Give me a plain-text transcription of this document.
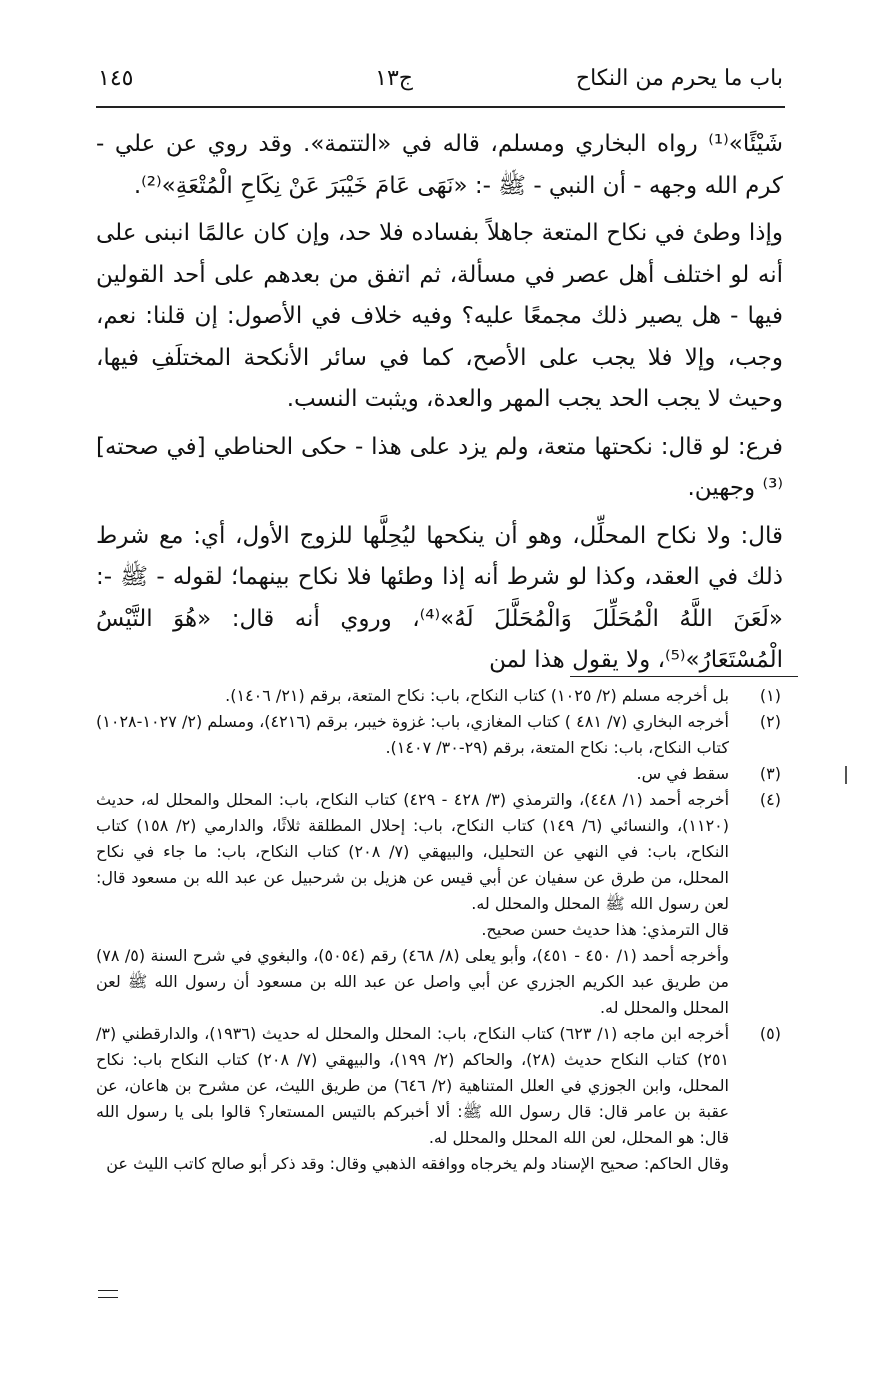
باب ما يحرم من النكاح
ج١٣
١٤٥

شَيْئًا»⁽¹⁾ رواه البخاري ومسلم، قاله في «التتمة». وقد روي عن علي - كرم الله وجهه - أن النبي - ﷺ -: «نَهَى عَامَ خَيْبَرَ عَنْ نِكَاحِ الْمُتْعَةِ»⁽²⁾.

وإذا وطئ في نكاح المتعة جاهلاً بفساده فلا حد، وإن كان عالمًا انبنى على أنه لو اختلف أهل عصر في مسألة، ثم اتفق من بعدهم على أحد القولين فيها - هل يصير ذلك مجمعًا عليه؟ وفيه خلاف في الأصول: إن قلنا: نعم، وجب، وإلا فلا يجب على الأصح، كما في سائر الأنكحة المختلَفِ فيها، وحيث لا يجب الحد يجب المهر والعدة، ويثبت النسب.

فرع: لو قال: نكحتها متعة، ولم يزد على هذا - حكى الحناطي [في صحته]⁽³⁾ وجهين.

قال: ولا نكاح المحلِّل، وهو أن ينكحها ليُحِلَّها للزوج الأول، أي: مع شرط ذلك في العقد، وكذا لو شرط أنه إذا وطئها فلا نكاح بينهما؛ لقوله - ﷺ -: «لَعَنَ اللَّهُ الْمُحَلِّلَ وَالْمُحَلَّلَ لَهُ»⁽⁴⁾، وروي أنه قال: «هُوَ التَّيْسُ الْمُسْتَعَارُ»⁽⁵⁾، ولا يقول هذا لمن

(١)
بل أخرجه مسلم (٢/ ١٠٢٥) كتاب النكاح، باب: نكاح المتعة، برقم (٢١/ ١٤٠٦).
(٢)
أخرجه البخاري (٧/ ٤٨١ ) كتاب المغازي، باب: غزوة خيبر، برقم (٤٢١٦)، ومسلم (٢/ ١٠٢٧-١٠٢٨) كتاب النكاح، باب: نكاح المتعة، برقم (٢٩-٣٠/ ١٤٠٧).
(٣)
سقط في س.
(٤)
أخرجه أحمد (١/ ٤٤٨)، والترمذي (٣/ ٤٢٨ - ٤٢٩) كتاب النكاح، باب: المحلل والمحلل له، حديث (١١٢٠)، والنسائي (٦/ ١٤٩) كتاب النكاح، باب: إحلال المطلقة ثلاثًا، والدارمي (٢/ ١٥٨) كتاب النكاح، باب: في النهي عن التحليل، والبيهقي (٧/ ٢٠٨) كتاب النكاح، باب: ما جاء في نكاح المحلل، من طرق عن سفيان عن أبي قيس عن هزيل بن شرحبيل عن عبد الله بن مسعود قال: لعن رسول الله ﷺ المحلل والمحلل له.
قال الترمذي: هذا حديث حسن صحيح.
وأخرجه أحمد (١/ ٤٥٠ - ٤٥١)، وأبو يعلى (٨/ ٤٦٨) رقم (٥٠٥٤)، والبغوي في شرح السنة (٥/ ٧٨) من طريق عبد الكريم الجزري عن أبي واصل عن عبد الله بن مسعود أن رسول الله ﷺ لعن المحلل والمحلل له.
(٥)
أخرجه ابن ماجه (١/ ٦٢٣) كتاب النكاح، باب: المحلل والمحلل له حديث (١٩٣٦)، والدارقطني (٣/ ٢٥١) كتاب النكاح حديث (٢٨)، والحاكم (٢/ ١٩٩)، والبيهقي (٧/ ٢٠٨) كتاب النكاح باب: نكاح المحلل، وابن الجوزي في العلل المتناهية (٢/ ٦٤٦) من طريق الليث، عن مشرح بن هاعان، عن عقبة بن عامر قال: قال رسول الله ﷺ: ألا أخبركم بالتيس المستعار؟ قالوا بلى يا رسول الله قال: هو المحلل، لعن الله المحلل والمحلل له.
وقال الحاكم: صحيح الإسناد ولم يخرجاه ووافقه الذهبي وقال: وقد ذكر أبو صالح كاتب الليث عن
